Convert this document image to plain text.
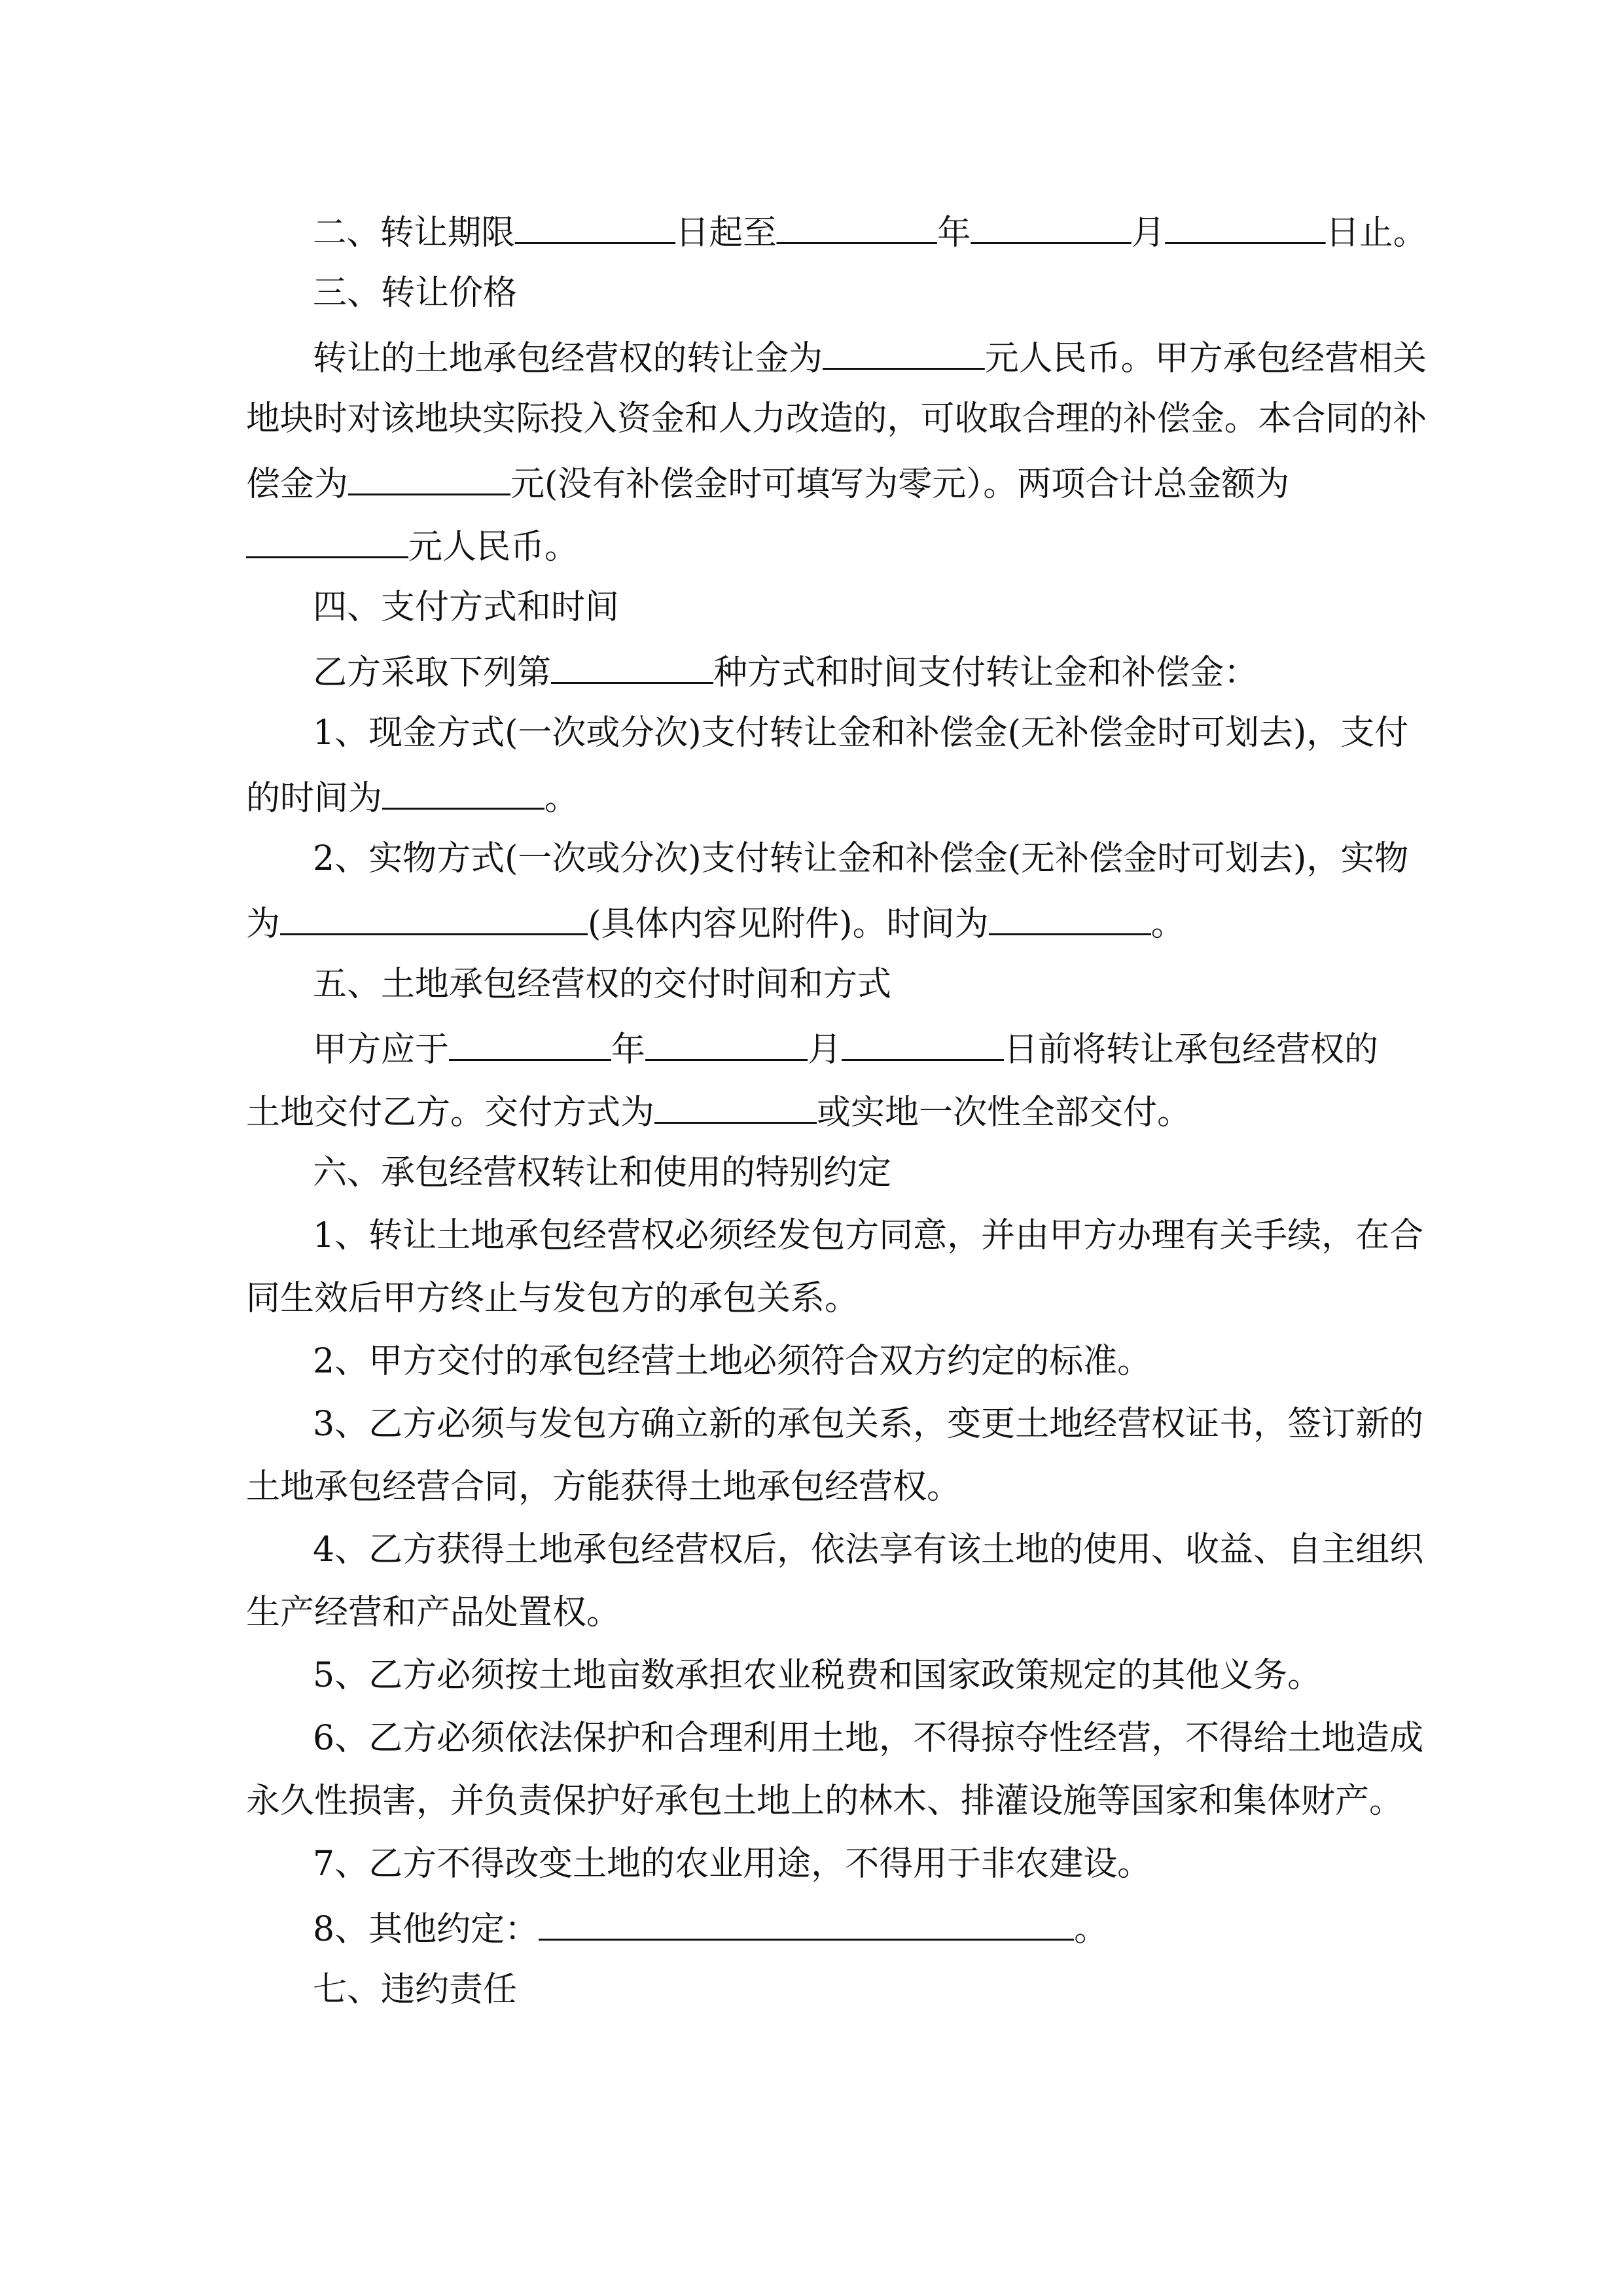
二、转让期限	日起至	年	月	日止。
三、转让价格
转让的土地承包经营权的转让金为	元人民币。甲方承包经营相关
地块时对该地块实际投入资金和人力改造的，可收取合理的补偿金。本合同的补
偿金为	元(没有补偿金时可填写为零元）。两项合计总金额为
元人民币。
四、支付方式和时间
乙方采取下列第	种方式和时间支付转让金和补偿金：
1、现金方式(一次或分次)支付转让金和补偿金(无补偿金时可划去)，支付
的时间为	。
2、实物方式(一次或分次)支付转让金和补偿金(无补偿金时可划去)，实物
为	(具体内容见附件)。时间为	。
五、土地承包经营权的交付时间和方式
甲方应于	年	月	日前将转让承包经营权的
土地交付乙方。交付方式为	或实地一次性全部交付。
六、承包经营权转让和使用的特别约定
1、转让土地承包经营权必须经发包方同意，并由甲方办理有关手续，在合
同生效后甲方终止与发包方的承包关系。
2、甲方交付的承包经营土地必须符合双方约定的标准。
3、乙方必须与发包方确立新的承包关系，变更土地经营权证书，签订新的
土地承包经营合同，方能获得土地承包经营权。
4、乙方获得土地承包经营权后，依法享有该土地的使用、收益、自主组织
生产经营和产品处置权。
5、乙方必须按土地亩数承担农业税费和国家政策规定的其他义务。
6、乙方必须依法保护和合理利用土地，不得掠夺性经营，不得给土地造成
永久性损害，并负责保护好承包土地上的林木、排灌设施等国家和集体财产。
7、乙方不得改变土地的农业用途，不得用于非农建设。
8、其他约定：	。
七、违约责任
